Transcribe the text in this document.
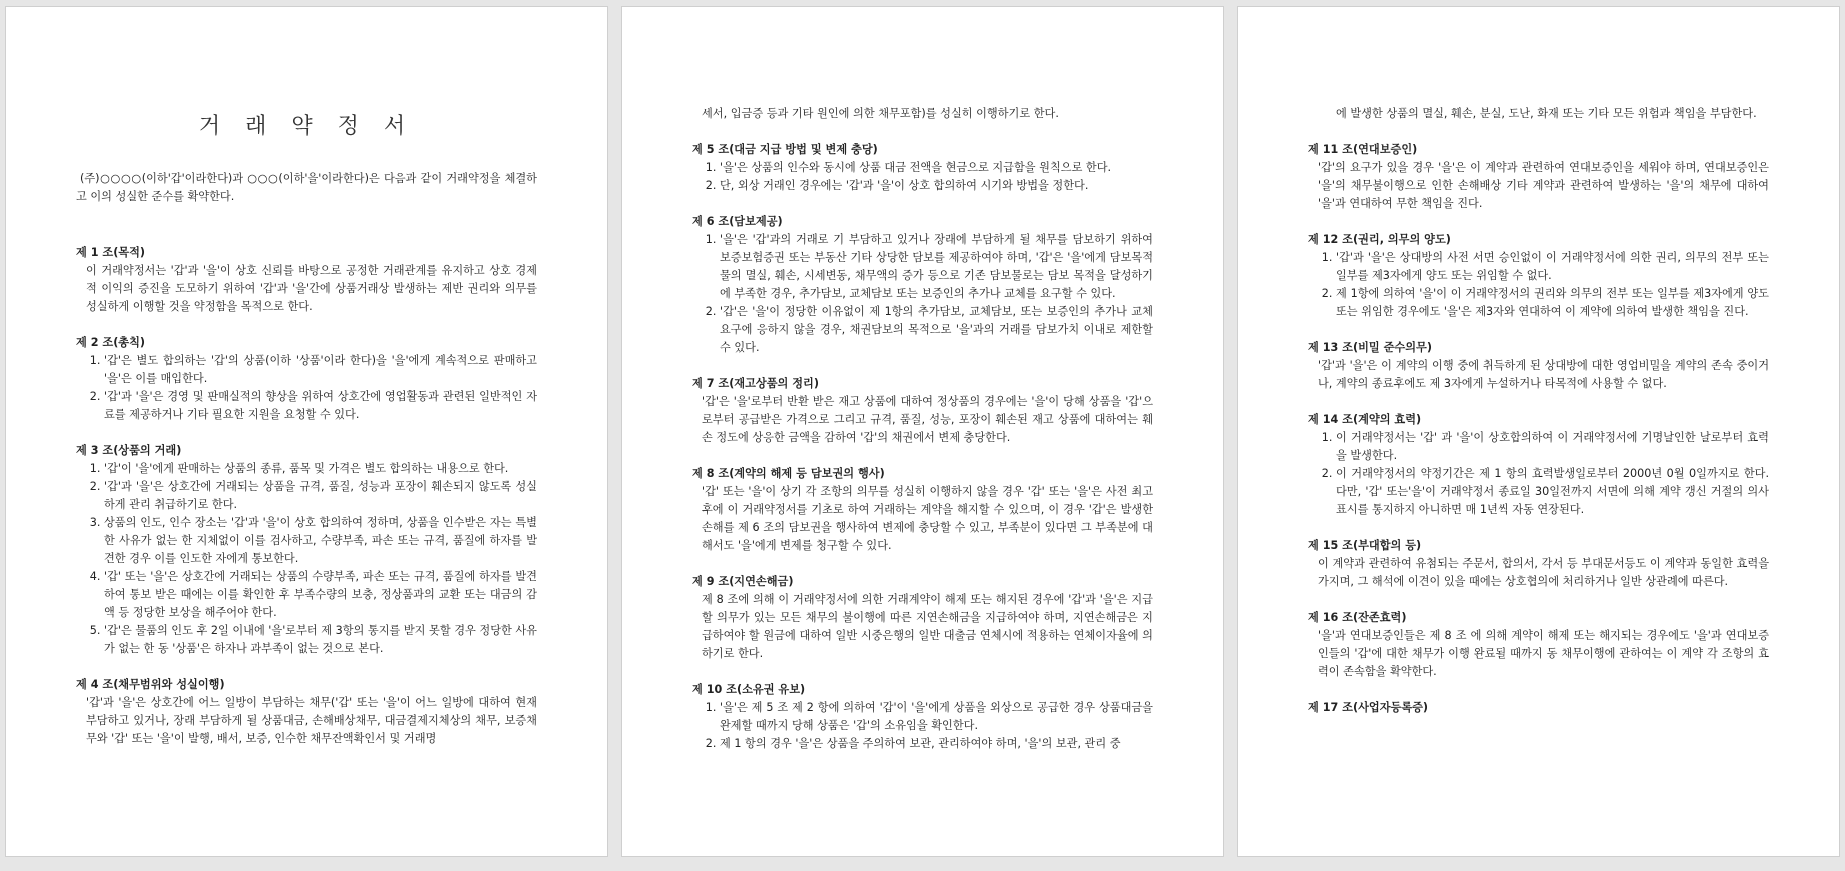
거 래 약 정 서

(주)○○○○(이하'갑'이라한다)과 ○○○(이하'을'이라한다)은 다음과 같이 거래약정을 체결하고 이의 성실한 준수를 확약한다.

제 1 조(목적)

이 거래약정서는 '갑'과 '을'이 상호 신뢰를 바탕으로 공정한 거래관계를 유지하고 상호 경제적 이익의 증진을 도모하기 위하여 '갑'과 '을'간에 상품거래상 발생하는 제반 권리와 의무를 성실하게 이행할 것을 약정함을 목적으로 한다.

제 2 조(총칙)

1. '갑'은 별도 합의하는 '갑'의 상품(이하 '상품'이라 한다)을 '을'에게 계속적으로 판매하고 '을'은 이를 매입한다.
2. '갑'과 '을'은 경영 및 판매실적의 향상을 위하여 상호간에 영업활동과 관련된 일반적인 자료를 제공하거나 기타 필요한 지원을 요청할 수 있다.

제 3 조(상품의 거래)

1. '갑'이 '을'에게 판매하는 상품의 종류, 품목 및 가격은 별도 합의하는 내용으로 한다.
2. '갑'과 '을'은 상호간에 거래되는 상품을 규격, 품질, 성능과 포장이 훼손되지 않도록 성실하게 관리 취급하기로 한다.
3. 상품의 인도, 인수 장소는 '갑'과 '을'이 상호 합의하여 정하며, 상품을 인수받은 자는 특별한 사유가 없는 한 지체없이 이를 검사하고, 수량부족, 파손 또는 규격, 품질에 하자를 발견한 경우 이를 인도한 자에게 통보한다.
4. '갑' 또는 '을'은 상호간에 거래되는 상품의 수량부족, 파손 또는 규격, 품질에 하자를 발견하여 통보 받은 때에는 이를 확인한 후 부족수량의 보충, 정상품과의 교환 또는 대금의 감액 등 정당한 보상을 해주어야 한다.
5. '갑'은 물품의 인도 후 2일 이내에 '을'로부터 제 3항의 통지를 받지 못할 경우 정당한 사유가 없는 한 동 '상품'은 하자나 과부족이 없는 것으로 본다.

제 4 조(채무범위와 성실이행)

'갑'과 '을'은 상호간에 어느 일방이 부담하는 채무('갑' 또는 '을'이 어느 일방에 대하여 현재 부담하고 있거나, 장래 부담하게 될 상품대금, 손해배상채무, 대금결제지체상의 채무, 보증채무와 '갑' 또는 '을'이 발행, 배서, 보증, 인수한 채무잔액확인서 및 거래명

세서, 입금증 등과 기타 원인에 의한 채무포함)를 성실히 이행하기로 한다.

제 5 조(대금 지급 방법 및 변제 충당)

1. '을'은 상품의 인수와 동시에 상품 대금 전액을 현금으로 지급함을 원칙으로 한다.
2. 단, 외상 거래인 경우에는 '갑'과 '을'이 상호 합의하여 시기와 방법을 정한다.

제 6 조(담보제공)

1. '을'은 '갑'과의 거래로 기 부담하고 있거나 장래에 부담하게 될 채무를 담보하기 위하여 보증보험증권 또는 부동산 기타 상당한 담보를 제공하여야 하며, '갑'은 '을'에게 담보목적물의 멸실, 훼손, 시세변동, 채무액의 증가 등으로 기존 담보물로는 담보 목적을 달성하기에 부족한 경우, 추가담보, 교체담보 또는 보증인의 추가나 교체를 요구할 수 있다.
2. '갑'은 '을'이 정당한 이유없이 제 1항의 추가담보, 교체담보, 또는 보증인의 추가나 교체요구에 응하지 않을 경우, 채권담보의 목적으로 '을'과의 거래를 담보가치 이내로 제한할 수 있다.

제 7 조(재고상품의 정리)

'갑'은 '을'로부터 반환 받은 재고 상품에 대하여 정상품의 경우에는 '을'이 당해 상품을 '갑'으로부터 공급받은 가격으로 그리고 규격, 품질, 성능, 포장이 훼손된 재고 상품에 대하여는 훼손 정도에 상응한 금액을 감하여 '갑'의 채권에서 변제 충당한다.

제 8 조(계약의 해제 등 담보권의 행사)

'갑' 또는 '을'이 상기 각 조항의 의무를 성실히 이행하지 않을 경우 '갑' 또는 '을'은 사전 최고 후에 이 거래약정서를 기초로 하여 거래하는 계약을 해지할 수 있으며, 이 경우 '갑'은 발생한 손해를 제 6 조의 담보권을 행사하여 변제에 충당할 수 있고, 부족분이 있다면 그 부족분에 대해서도 '을'에게 변제를 청구할 수 있다.

제 9 조(지연손해금)

제 8 조에 의해 이 거래약정서에 의한 거래계약이 해제 또는 해지된 경우에 '갑'과 '을'은 지급할 의무가 있는 모든 채무의 불이행에 따른 지연손해금을 지급하여야 하며, 지연손해금은 지급하여야 할 원금에 대하여 일반 시중은행의 일반 대출금 연체시에 적용하는 연체이자율에 의하기로 한다.

제 10 조(소유권 유보)

1. '을'은 제 5 조 제 2 항에 의하여 '갑'이 '을'에게 상품을 외상으로 공급한 경우 상품대금을 완제할 때까지 당해 상품은 '갑'의 소유임을 확인한다.
2. 제 1 항의 경우 '을'은 상품을 주의하여 보관, 관리하여야 하며, '을'의 보관, 관리 중

에 발생한 상품의 멸실, 훼손, 분실, 도난, 화재 또는 기타 모든 위험과 책임을 부담한다.

제 11 조(연대보증인)

'갑'의 요구가 있을 경우 '을'은 이 계약과 관련하여 연대보증인을 세워야 하며, 연대보증인은 '을'의 채무불이행으로 인한 손해배상 기타 계약과 관련하여 발생하는 '을'의 채무에 대하여 '을'과 연대하여 무한 책임을 진다.

제 12 조(권리, 의무의 양도)

1. '갑'과 '을'은 상대방의 사전 서면 승인없이 이 거래약정서에 의한 권리, 의무의 전부 또는 일부를 제3자에게 양도 또는 위임할 수 없다.
2. 제 1항에 의하여 '을'이 이 거래약정서의 권리와 의무의 전부 또는 일부를 제3자에게 양도 또는 위임한 경우에도 '을'은 제3자와 연대하여 이 계약에 의하여 발생한 책임을 진다.

제 13 조(비밀 준수의무)

'갑'과 '을'은 이 계약의 이행 중에 취득하게 된 상대방에 대한 영업비밀을 계약의 존속 중이거나, 계약의 종료후에도 제 3자에게 누설하거나 타목적에 사용할 수 없다.

제 14 조(계약의 효력)

1. 이 거래약정서는 '갑' 과 '을'이 상호합의하여 이 거래약정서에 기명날인한 날로부터 효력을 발생한다.
2. 이 거래약정서의 약정기간은 제 1 항의 효력발생일로부터 2000년 0월 0일까지로 한다. 다만, '갑' 또는'을'이 거래약정서 종료일 30일전까지 서면에 의해 계약 갱신 거절의 의사표시를 통지하지 아니하면 매 1년씩 자동 연장된다.

제 15 조(부대합의 등)

이 계약과 관련하여 유첨되는 주문서, 합의서, 각서 등 부대문서등도 이 계약과 동일한 효력을 가지며, 그 해석에 이견이 있을 때에는 상호협의에 처리하거나 일반 상관례에 따른다.

제 16 조(잔존효력)

'을'과 연대보증인들은 제 8 조 에 의해 계약이 해제 또는 해지되는 경우에도 '을'과 연대보증인들의 '갑'에 대한 채무가 이행 완료될 때까지 동 채무이행에 관하여는 이 계약 각 조항의 효력이 존속함을 확약한다.

제 17 조(사업자등록증)
